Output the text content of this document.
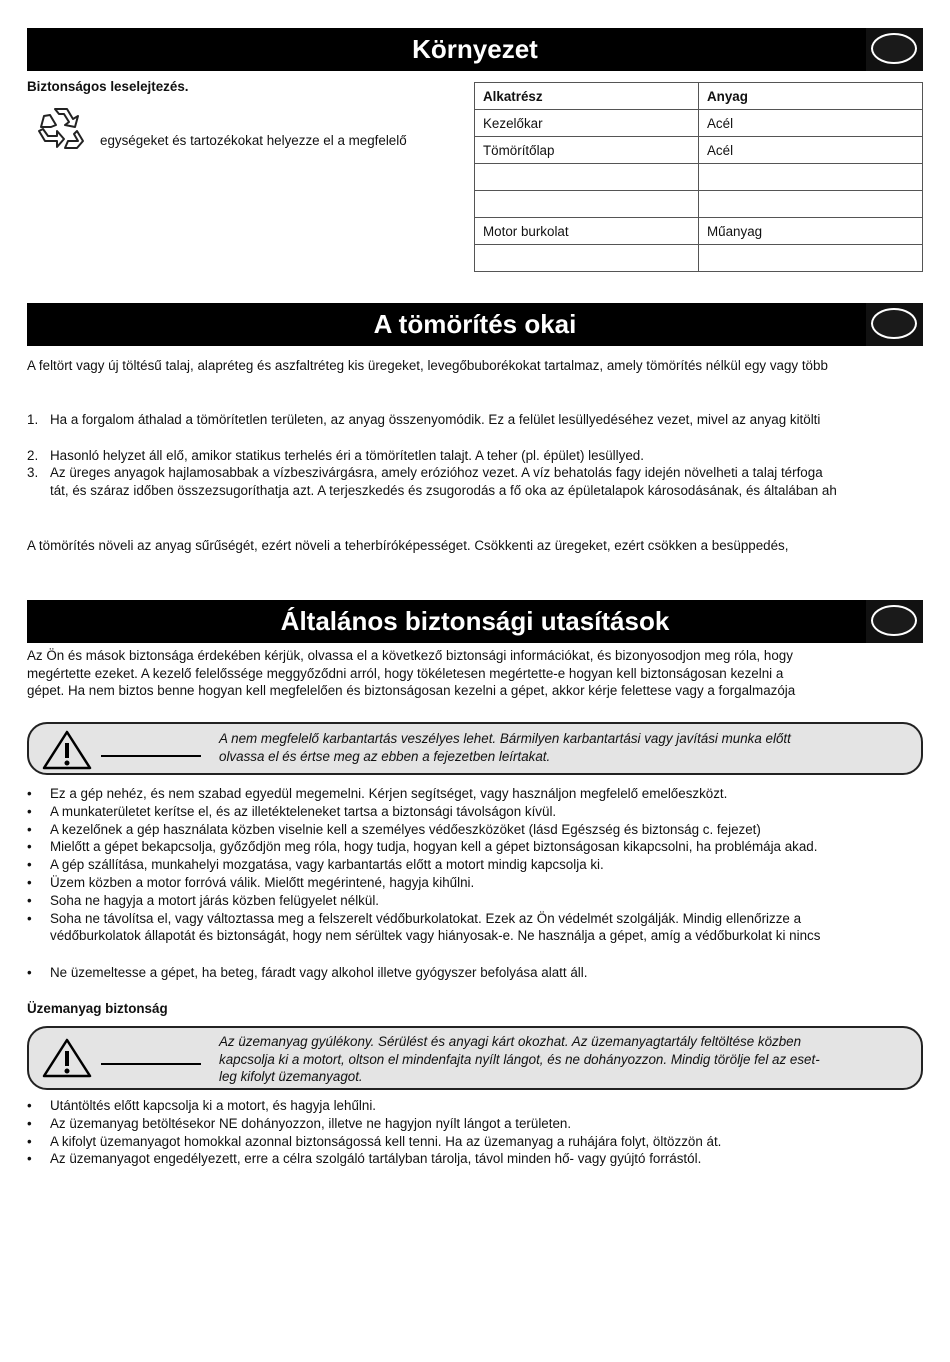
Környezet
Biztonságos leselejtezés.
egységeket és tartozékokat helyezze el a megfelelő
Alkatrész	Anyag
Kezelőkar	Acél
Tömörítőlap	Acél

Motor burkolat	Műanyag

A tömörítés okai
A feltört vagy új töltésű talaj, alapréteg és aszfaltréteg kis üregeket, levegőbuborékokat tartalmaz, amely tömörítés nélkül egy vagy több
1. Ha a forgalom áthalad a tömörítetlen területen, az anyag összenyomódik. Ez a felület lesüllyedéséhez vezet, mivel az anyag kitölti
2. Hasonló helyzet áll elő, amikor statikus terhelés éri a tömörítetlen talajt. A teher (pl. épület) lesüllyed.
3. Az üreges anyagok hajlamosabbak a vízbeszivárgásra, amely erózióhoz vezet. A víz behatolás fagy idején növelheti a talaj térfoga
tát, és száraz időben összezsugoríthatja azt. A terjeszkedés és zsugorodás a fő oka az épületalapok károsodásának, és általában ah
A tömörítés növeli az anyag sűrűségét, ezért növeli a teherbíróképességet. Csökkenti az üregeket, ezért csökken a besüppedés,
Általános biztonsági utasítások
Az Ön és mások biztonsága érdekében kérjük, olvassa el a következő biztonsági információkat, és bizonyosodjon meg róla, hogy
megértette ezeket. A kezelő felelőssége meggyőződni arról, hogy tökéletesen megértette-e hogyan kell biztonságosan kezelni a
gépet. Ha nem biztos benne hogyan kell megfelelően és biztonságosan kezelni a gépet, akkor kérje felettese vagy a forgalmazója
A nem megfelelő karbantartás veszélyes lehet. Bármilyen karbantartási vagy javítási munka előtt
olvassa el és értse meg az ebben a fejezetben leírtakat.
• Ez a gép nehéz, és nem szabad egyedül megemelni. Kérjen segítséget, vagy használjon megfelelő emelőeszközt.
• A munkaterületet kerítse el, és az illetékteleneket tartsa a biztonsági távolságon kívül.
• A kezelőnek a gép használata közben viselnie kell a személyes védőeszközöket (lásd Egészség és biztonság c. fejezet)
• Mielőtt a gépet bekapcsolja, győződjön meg róla, hogy tudja, hogyan kell a gépet biztonságosan kikapcsolni, ha problémája akad.
• A gép szállítása, munkahelyi mozgatása, vagy karbantartás előtt a motort mindig kapcsolja ki.
• Üzem közben a motor forróvá válik. Mielőtt megérintené, hagyja kihűlni.
• Soha ne hagyja a motort járás közben felügyelet nélkül.
• Soha ne távolítsa el, vagy változtassa meg a felszerelt védőburkolatokat. Ezek az Ön védelmét szolgálják. Mindig ellenőrizze a
védőburkolatok állapotát és biztonságát, hogy nem sérültek vagy hiányosak-e. Ne használja a gépet, amíg a védőburkolat ki nincs
• Ne üzemeltesse a gépet, ha beteg, fáradt vagy alkohol illetve gyógyszer befolyása alatt áll.
Üzemanyag biztonság
Az üzemanyag gyúlékony. Sérülést és anyagi kárt okozhat. Az üzemanyagtartály feltöltése közben
kapcsolja ki a motort, oltson el mindenfajta nyílt lángot, és ne dohányozzon. Mindig törölje fel az eset-
leg kifolyt üzemanyagot.
• Utántöltés előtt kapcsolja ki a motort, és hagyja lehűlni.
• Az üzemanyag betöltésekor NE dohányozzon, illetve ne hagyjon nyílt lángot a területen.
• A kifolyt üzemanyagot homokkal azonnal biztonságossá kell tenni. Ha az üzemanyag a ruhájára folyt, öltözzön át.
• Az üzemanyagot engedélyezett, erre a célra szolgáló tartályban tárolja, távol minden hő- vagy gyújtó forrástól.
